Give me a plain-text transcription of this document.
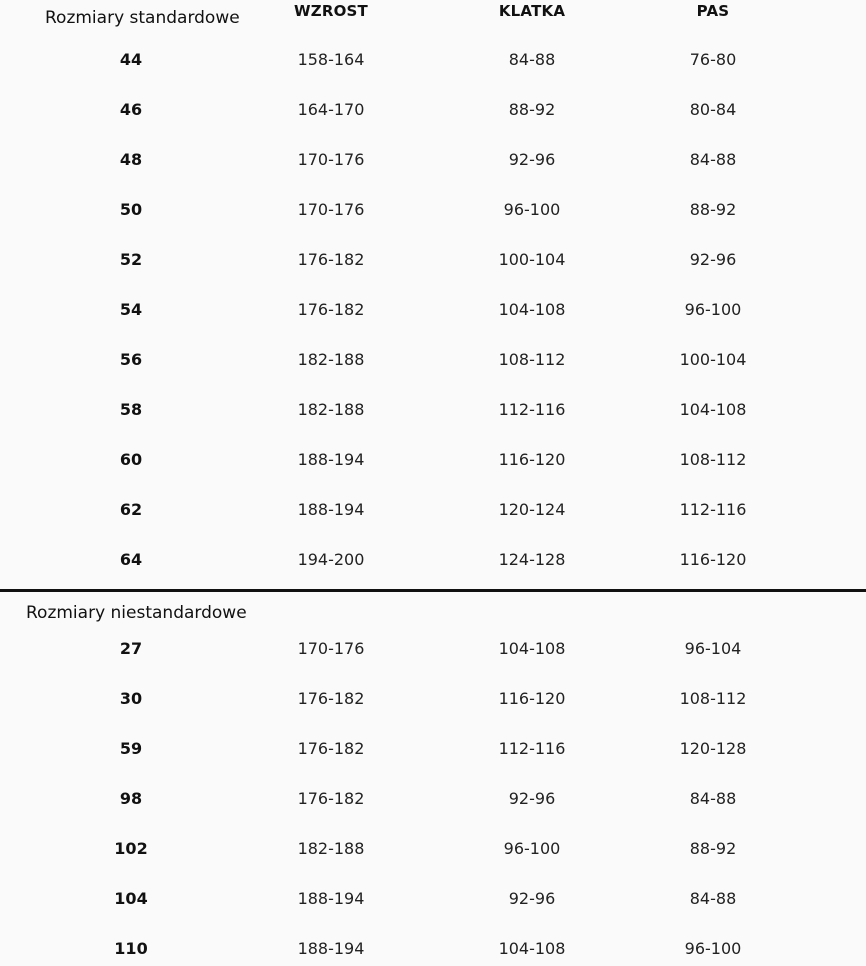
Rozmiary standardowe	WZROST	KLATKA	PAS
44	158-164	84-88	76-80
46	164-170	88-92	80-84
48	170-176	92-96	84-88
50	170-176	96-100	88-92
52	176-182	100-104	92-96
54	176-182	104-108	96-100
56	182-188	108-112	100-104
58	182-188	112-116	104-108
60	188-194	116-120	108-112
62	188-194	120-124	112-116
64	194-200	124-128	116-120
Rozmiary niestandardowe
27	170-176	104-108	96-104
30	176-182	116-120	108-112
59	176-182	112-116	120-128
98	176-182	92-96	84-88
102	182-188	96-100	88-92
104	188-194	92-96	84-88
110	188-194	104-108	96-100
